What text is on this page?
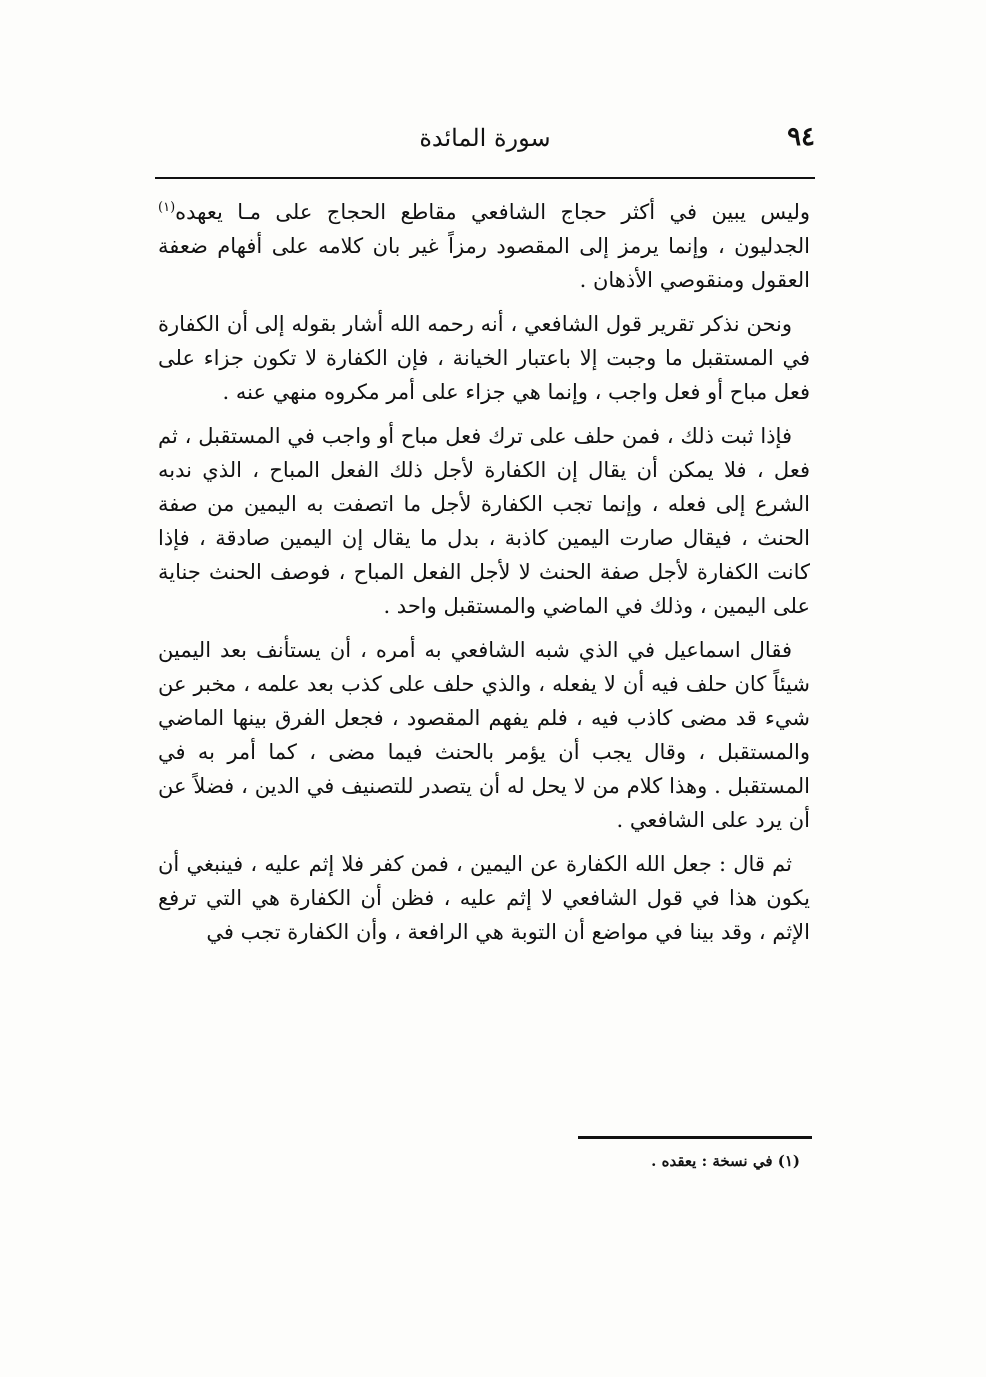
٩٤
سورة المائدة

وليس يبين في أكثر حجاج الشافعي مقاطع الحجاج على مـا يعهده$^{(١)}$ الجدليون ، وإنما يرمز إلى المقصود رمزاً غير بان كلامه على أفهام ضعفة العقول ومنقوصي الأذهان .

ونحن نذكر تقرير قول الشافعي ، أنه رحمه الله أشار بقوله إلى أن الكفارة في المستقبل ما وجبت إلا باعتبار الخيانة ، فإن الكفارة لا تكون جزاء على فعل مباح أو فعل واجب ، وإنما هي جزاء على أمر مكروه منهي عنه .

فإذا ثبت ذلك ، فمن حلف على ترك فعل مباح أو واجب في المستقبل ، ثم فعل ، فلا يمكن أن يقال إن الكفارة لأجل ذلك الفعل المباح ، الذي ندبه الشرع إلى فعله ، وإنما تجب الكفارة لأجل ما اتصفت به اليمين من صفة الحنث ، فيقال صارت اليمين كاذبة ، بدل ما يقال إن اليمين صادقة ، فإذا كانت الكفارة لأجل صفة الحنث لا لأجل الفعل المباح ، فوصف الحنث جناية على اليمين ، وذلك في الماضي والمستقبل واحد .

فقال اسماعيل في الذي شبه الشافعي به أمره ، أن يستأنف بعد اليمين شيئاً كان حلف فيه أن لا يفعله ، والذي حلف على كذب بعد علمه ، مخبر عن شيء قد مضى كاذب فيه ، فلم يفهم المقصود ، فجعل الفرق بينها الماضي والمستقبل ، وقال يجب أن يؤمر بالحنث فيما مضى ، كما أمر به في المستقبل . وهذا كلام من لا يحل له أن يتصدر للتصنيف في الدين ، فضلاً عن أن يرد على الشافعي .

ثم قال : جعل الله الكفارة عن اليمين ، فمن كفر فلا إثم عليه ، فينبغي أن يكون هذا في قول الشافعي لا إثم عليه ، فظن أن الكفارة هي التي ترفع الإثم ، وقد بينا في مواضع أن التوبة هي الرافعة ، وأن الكفارة تجب في

(١) في نسخة : يعقده .
